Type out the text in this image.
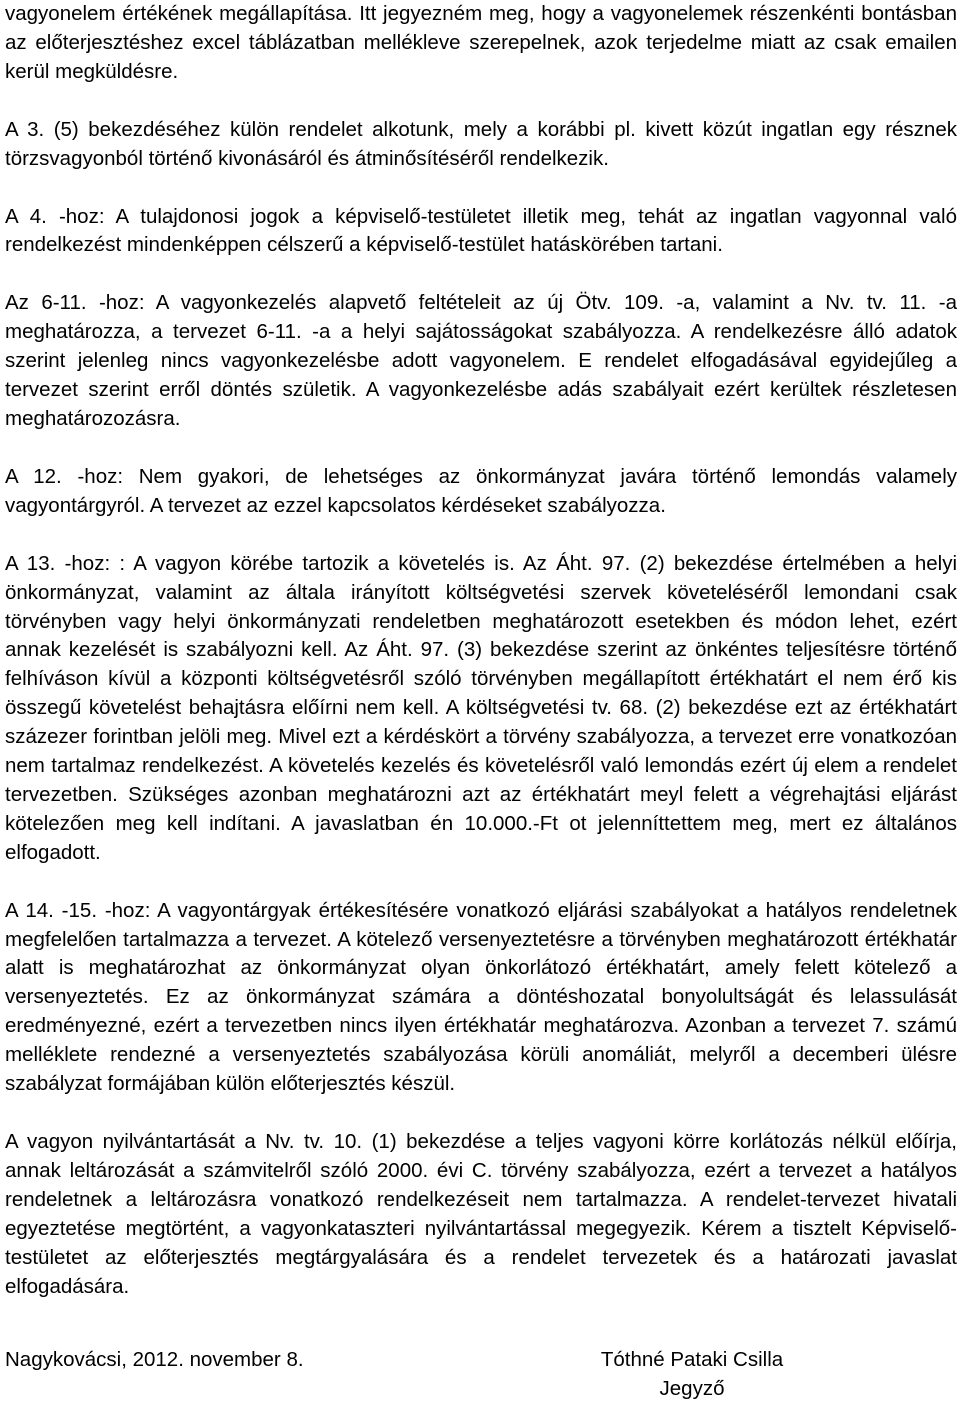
vagyonelem értékének megállapítása. Itt jegyezném meg, hogy a vagyonelemek részenkénti bontásban az előterjesztéshez excel táblázatban mellékleve szerepelnek, azok terjedelme miatt az csak emailen kerül megküldésre.

A 3. (5) bekezdéséhez külön rendelet alkotunk, mely a korábbi pl. kivett közút ingatlan egy résznek törzsvagyonból történő kivonásáról és átminősítéséről rendelkezik.

A 4. -hoz: A tulajdonosi jogok a képviselő-testületet illetik meg, tehát az ingatlan vagyonnal való rendelkezést mindenképpen célszerű a képviselő-testület hatáskörében tartani.

Az 6-11. -hoz: A vagyonkezelés alapvető feltételeit az új Ötv. 109. -a, valamint a Nv. tv. 11. -a meghatározza, a tervezet 6-11. -a a helyi sajátosságokat szabályozza. A rendelkezésre álló adatok szerint jelenleg nincs vagyonkezelésbe adott vagyonelem. E rendelet elfogadásával egyidejűleg a tervezet szerint erről döntés születik. A vagyonkezelésbe adás szabályait ezért kerültek részletesen meghatározozásra.

A 12. -hoz: Nem gyakori, de lehetséges az önkormányzat javára történő lemondás valamely vagyontárgyról. A tervezet az ezzel kapcsolatos kérdéseket szabályozza.

A 13. -hoz: : A vagyon körébe tartozik a követelés is. Az Áht. 97. (2) bekezdése értelmében a helyi önkormányzat, valamint az általa irányított költségvetési szervek követeléséről lemondani csak törvényben vagy helyi önkormányzati rendeletben meghatározott esetekben és módon lehet, ezért annak kezelését is szabályozni kell. Az Áht. 97. (3) bekezdése szerint az önkéntes teljesítésre történő felhíváson kívül a központi költségvetésről szóló törvényben megállapított értékhatárt el nem érő kis összegű követelést behajtásra előírni nem kell. A költségvetési tv. 68. (2) bekezdése ezt az értékhatárt százezer forintban jelöli meg. Mivel ezt a kérdéskört a törvény szabályozza, a tervezet erre vonatkozóan nem tartalmaz rendelkezést. A követelés kezelés és követelésről való lemondás ezért új elem a rendelet tervezetben. Szükséges azonban meghatározni azt az értékhatárt meyl felett a végrehajtási eljárást kötelezően meg kell indítani. A javaslatban én 10.000.-Ft ot jelenníttettem meg, mert ez általános elfogadott.

A 14. -15. -hoz: A vagyontárgyak értékesítésére vonatkozó eljárási szabályokat a hatályos rendeletnek megfelelően tartalmazza a tervezet. A kötelező versenyeztetésre a törvényben meghatározott értékhatár alatt is meghatározhat az önkormányzat olyan önkorlátozó értékhatárt, amely felett kötelező a versenyeztetés. Ez az önkormányzat számára a döntéshozatal bonyolultságát és lelassulását eredményezné, ezért a tervezetben nincs ilyen értékhatár meghatározva. Azonban a tervezet 7. számú melléklete rendezné a versenyeztetés szabályozása körüli anomáliát, melyről a decemberi ülésre szabályzat formájában külön előterjesztés készül.

A vagyon nyilvántartását a Nv. tv. 10. (1) bekezdése a teljes vagyoni körre korlátozás nélkül előírja, annak leltározását a számvitelről szóló 2000. évi C. törvény szabályozza, ezért a tervezet a hatályos rendeletnek a leltározásra vonatkozó rendelkezéseit nem tartalmazza. A rendelet-tervezet hivatali egyeztetése megtörtént, a vagyonkataszteri nyilvántartással megegyezik. Kérem a tisztelt Képviselő-testületet az előterjesztés megtárgyalására és a rendelet tervezetek és a határozati javaslat elfogadására.

Nagykovácsi, 2012. november 8.	Tóthné Pataki Csilla
Jegyző
